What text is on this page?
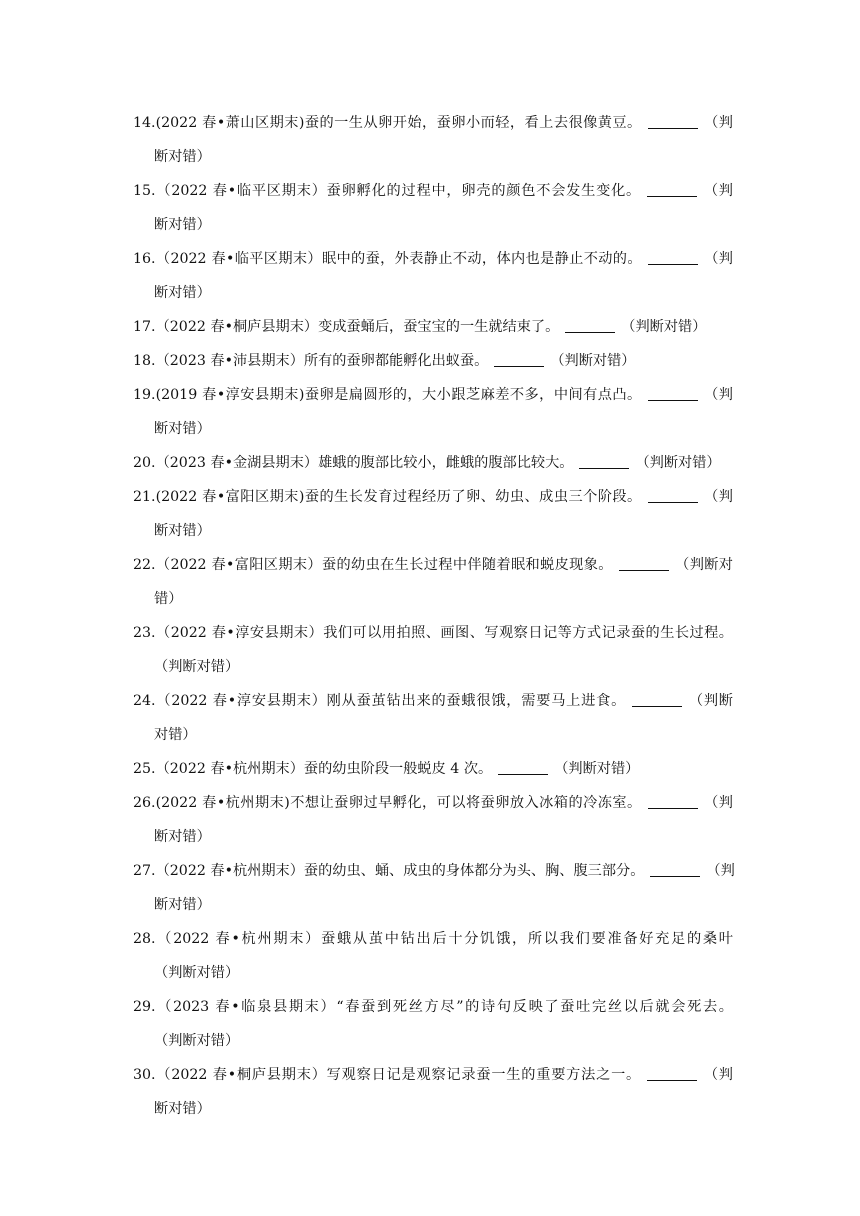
14.(2022 春•萧山区期末)蚕的一生从卵开始，蚕卵小而轻，看上去很像黄豆。	（判
断对错）
15.（2022 春•临平区期末）蚕卵孵化的过程中，卵壳的颜色不会发生变化。	（判
断对错）
16.（2022 春•临平区期末）眠中的蚕，外表静止不动，体内也是静止不动的。	（判
断对错）
17.（2022 春•桐庐县期末）变成蚕蛹后，蚕宝宝的一生就结束了。	（判断对错）
18.（2023 春•沛县期末）所有的蚕卵都能孵化出蚁蚕。	（判断对错）
19.(2019 春•淳安县期末)蚕卵是扁圆形的，大小跟芝麻差不多，中间有点凸。	（判
断对错）
20.（2023 春•金湖县期末）雄蛾的腹部比较小，雌蛾的腹部比较大。	（判断对错）
21.(2022 春•富阳区期末)蚕的生长发育过程经历了卵、幼虫、成虫三个阶段。	（判
断对错）
22.（2022 春•富阳区期末）蚕的幼虫在生长过程中伴随着眠和蜕皮现象。	（判断对
错）
23.（2022 春•淳安县期末）我们可以用拍照、画图、写观察日记等方式记录蚕的生长过程。
（判断对错）
24.（2022 春•淳安县期末）刚从蚕茧钻出来的蚕蛾很饿，需要马上进食。	（判断
对错）
25.（2022 春•杭州期末）蚕的幼虫阶段一般蜕皮 4 次。	（判断对错）
26.(2022 春•杭州期末)不想让蚕卵过早孵化，可以将蚕卵放入冰箱的冷冻室。	（判
断对错）
27.（2022 春•杭州期末）蚕的幼虫、蛹、成虫的身体都分为头、胸、腹三部分。	（判
断对错）
28.（2022 春•杭州期末）蚕蛾从茧中钻出后十分饥饿，所以我们要准备好充足的桑叶
（判断对错）
29.（2023 春•临泉县期末）“春蚕到死丝方尽”的诗句反映了蚕吐完丝以后就会死去。
（判断对错）
30.（2022 春•桐庐县期末）写观察日记是观察记录蚕一生的重要方法之一。	（判
断对错）
